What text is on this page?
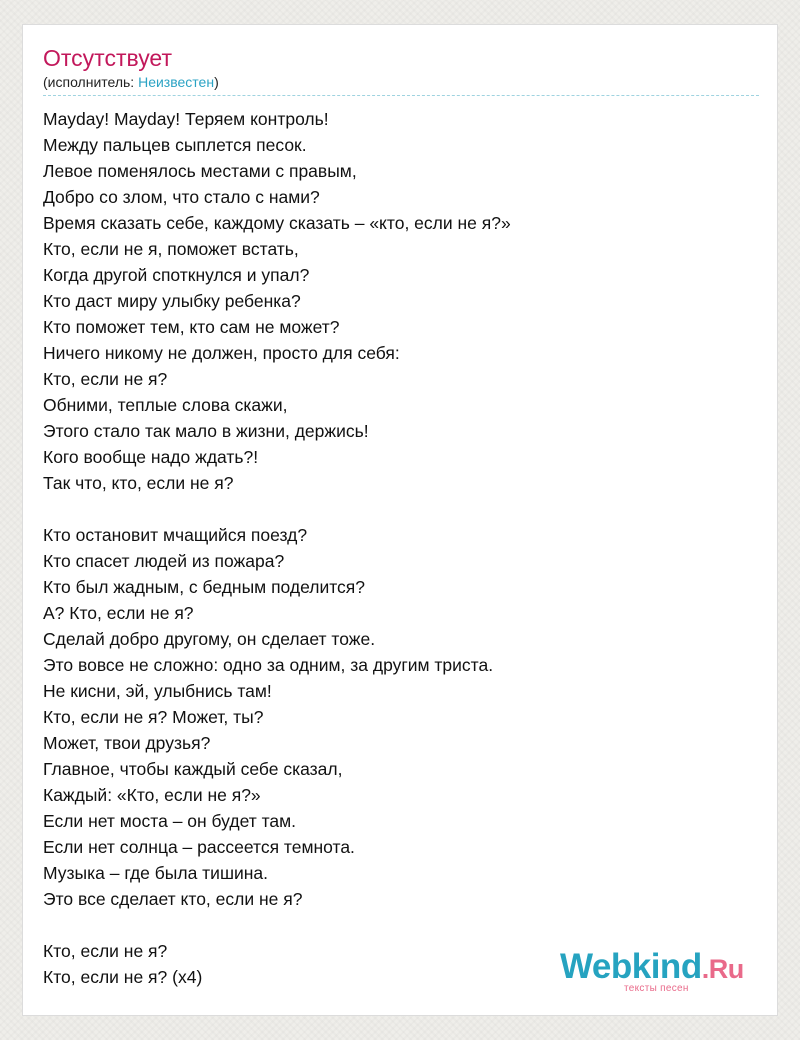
Отсутствует
(исполнитель: Неизвестен)
Mayday! Mayday! Теряем контроль!
Между пальцев сыплется песок.
Левое поменялось местами с правым,
Добро со злом, что стало с нами?
Время сказать себе, каждому сказать – «кто, если не я?»
Кто, если не я, поможет встать,
Когда другой споткнулся и упал?
Кто даст миру улыбку ребенка?
Кто поможет тем, кто сам не может?
Ничего никому не должен, просто для себя:
Кто, если не я?
Обними, теплые слова скажи,
Этого стало так мало в жизни, держись!
Кого вообще надо ждать?!
Так что, кто, если не я?
Кто остановит мчащийся поезд?
Кто спасет людей из пожара?
Кто был жадным, с бедным поделится?
А? Кто, если не я?
Сделай добро другому, он сделает тоже.
Это вовсе не сложно: одно за одним, за другим триста.
Не кисни, эй, улыбнись там!
Кто, если не я? Может, ты?
Может, твои друзья?
Главное, чтобы каждый себе сказал,
Каждый: «Кто, если не я?»
Если нет моста – он будет там.
Если нет солнца – рассеется темнота.
Музыка – где была тишина.
Это все сделает кто, если не я?
Кто, если не я?
Кто, если не я? (x4)	Webkind.Ru
тексты песен
